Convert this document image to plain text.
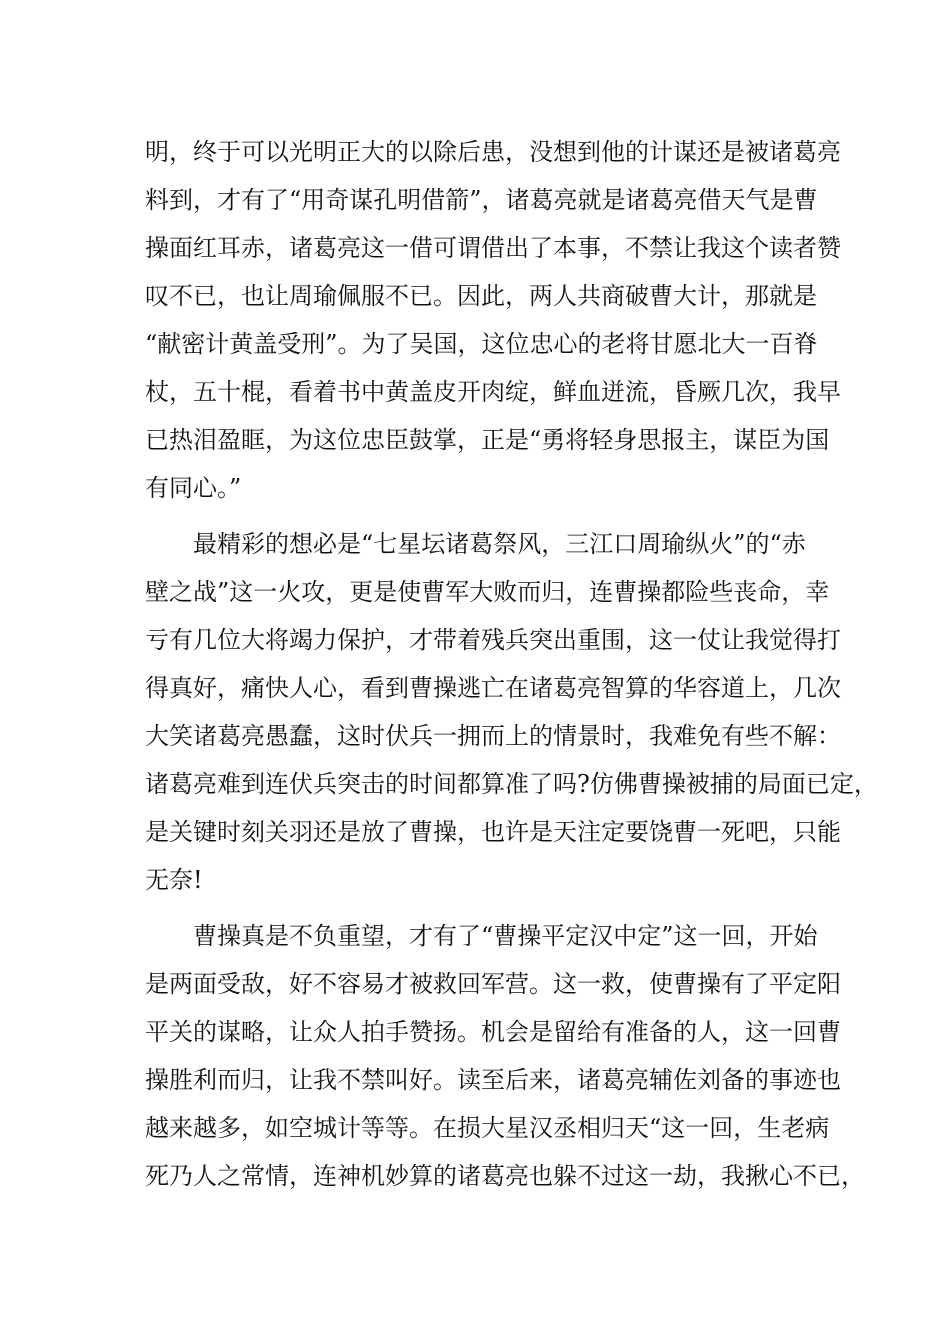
明，终于可以光明正大的以除后患，没想到他的计谋还是被诸葛亮
料到，才有了“用奇谋孔明借箭”，诸葛亮就是诸葛亮借天气是曹
操面红耳赤，诸葛亮这一借可谓借出了本事，不禁让我这个读者赞
叹不已，也让周瑜佩服不已。因此，两人共商破曹大计，那就是
“献密计黄盖受刑”。为了吴国，这位忠心的老将甘愿北大一百脊
杖，五十棍，看着书中黄盖皮开肉绽，鲜血迸流，昏厥几次，我早
已热泪盈眶，为这位忠臣鼓掌，正是“勇将轻身思报主，谋臣为国
有同心。”
　　最精彩的想必是“七星坛诸葛祭风，三江口周瑜纵火”的“赤
壁之战”这一火攻，更是使曹军大败而归，连曹操都险些丧命，幸
亏有几位大将竭力保护，才带着残兵突出重围，这一仗让我觉得打
得真好，痛快人心，看到曹操逃亡在诸葛亮智算的华容道上，几次
大笑诸葛亮愚蠢，这时伏兵一拥而上的情景时，我难免有些不解：
诸葛亮难到连伏兵突击的时间都算准了吗?仿佛曹操被捕的局面已定，
是关键时刻关羽还是放了曹操，也许是天注定要饶曹一死吧，只能
无奈!
　　曹操真是不负重望，才有了“曹操平定汉中定”这一回，开始
是两面受敌，好不容易才被救回军营。这一救，使曹操有了平定阳
平关的谋略，让众人拍手赞扬。机会是留给有准备的人，这一回曹
操胜利而归，让我不禁叫好。读至后来，诸葛亮辅佐刘备的事迹也
越来越多，如空城计等等。在损大星汉丞相归天“这一回，生老病
死乃人之常情，连神机妙算的诸葛亮也躲不过这一劫，我揪心不已，
